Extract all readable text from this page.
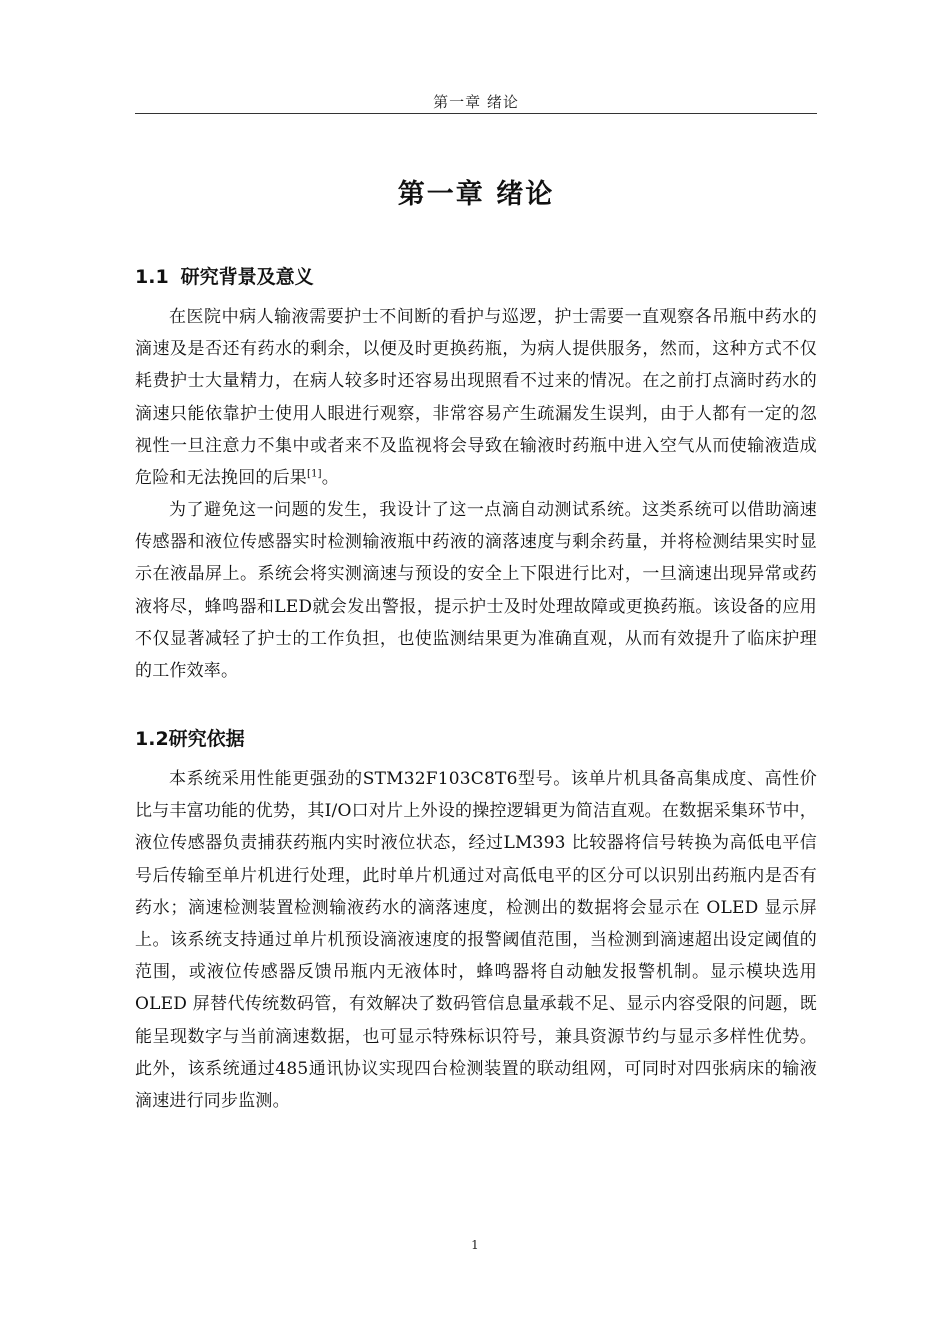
第一章 绪论
第一章 绪论
1.1 研究背景及意义

在医院中病人输液需要护士不间断的看护与巡逻，护士需要一直观察各吊瓶中药水的滴速及是否还有药水的剩余，以便及时更换药瓶，为病人提供服务，然而，这种方式不仅耗费护士大量精力，在病人较多时还容易出现照看不过来的情况。在之前打点滴时药水的滴速只能依靠护士使用人眼进行观察，非常容易产生疏漏发生误判，由于人都有一定的忽视性一旦注意力不集中或者来不及监视将会导致在输液时药瓶中进入空气从而使输液造成危险和无法挽回的后果[1]。

为了避免这一问题的发生，我设计了这一点滴自动测试系统。这类系统可以借助滴速传感器和液位传感器实时检测输液瓶中药液的滴落速度与剩余药量，并将检测结果实时显示在液晶屏上。系统会将实测滴速与预设的安全上下限进行比对，一旦滴速出现异常或药液将尽，蜂鸣器和LED就会发出警报，提示护士及时处理故障或更换药瓶。该设备的应用不仅显著减轻了护士的工作负担，也使监测结果更为准确直观，从而有效提升了临床护理的工作效率。

1.2研究依据

本系统采用性能更强劲的STM32F103C8T6型号。该单片机具备高集成度、高性价比与丰富功能的优势，其I/O口对片上外设的操控逻辑更为简洁直观。在数据采集环节中，液位传感器负责捕获药瓶内实时液位状态，经过LM393 比较器将信号转换为高低电平信号后传输至单片机进行处理，此时单片机通过对高低电平的区分可以识别出药瓶内是否有药水；滴速检测装置检测输液药水的滴落速度，检测出的数据将会显示在 OLED 显示屏上。该系统支持通过单片机预设滴液速度的报警阈值范围，当检测到滴速超出设定阈值的范围，或液位传感器反馈吊瓶内无液体时，蜂鸣器将自动触发报警机制。显示模块选用 OLED 屏替代传统数码管，有效解决了数码管信息量承载不足、显示内容受限的问题，既能呈现数字与当前滴速数据，也可显示特殊标识符号，兼具资源节约与显示多样性优势。此外，该系统通过485通讯协议实现四台检测装置的联动组网，可同时对四张病床的输液滴速进行同步监测。

1
